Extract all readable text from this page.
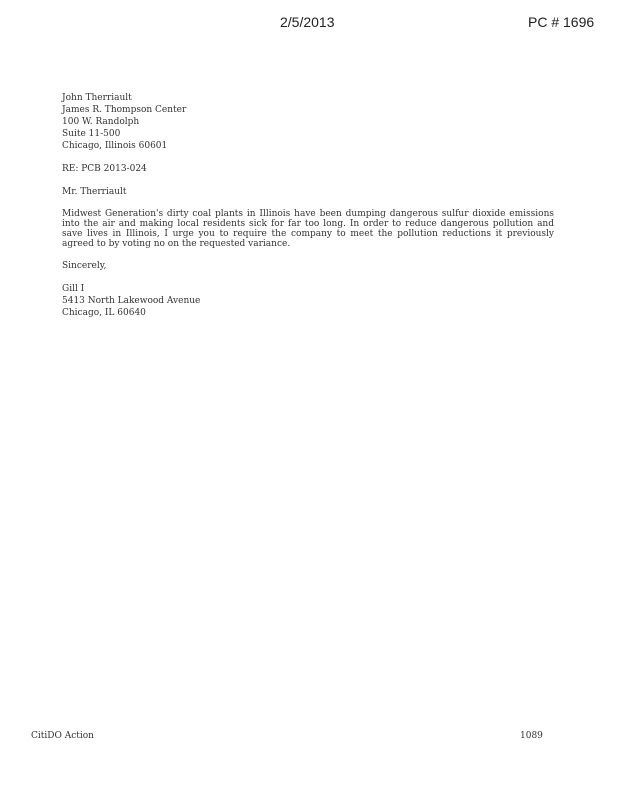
2/5/2013	PC # 1696
John Therriault
James R. Thompson Center
100 W. Randolph
Suite 11-500
Chicago, Illinois 60601
RE: PCB 2013-024
Mr. Therriault
Midwest Generation's dirty coal plants in Illinois have been dumping dangerous sulfur dioxide emissions into the air and making local residents sick for far too long. In order to reduce dangerous pollution and save lives in Illinois, I urge you to require the company to meet the pollution reductions it previously agreed to by voting no on the requested variance.
Sincerely,
Gill I
5413 North Lakewood Avenue
Chicago, IL 60640
CitiDO Action	1089
